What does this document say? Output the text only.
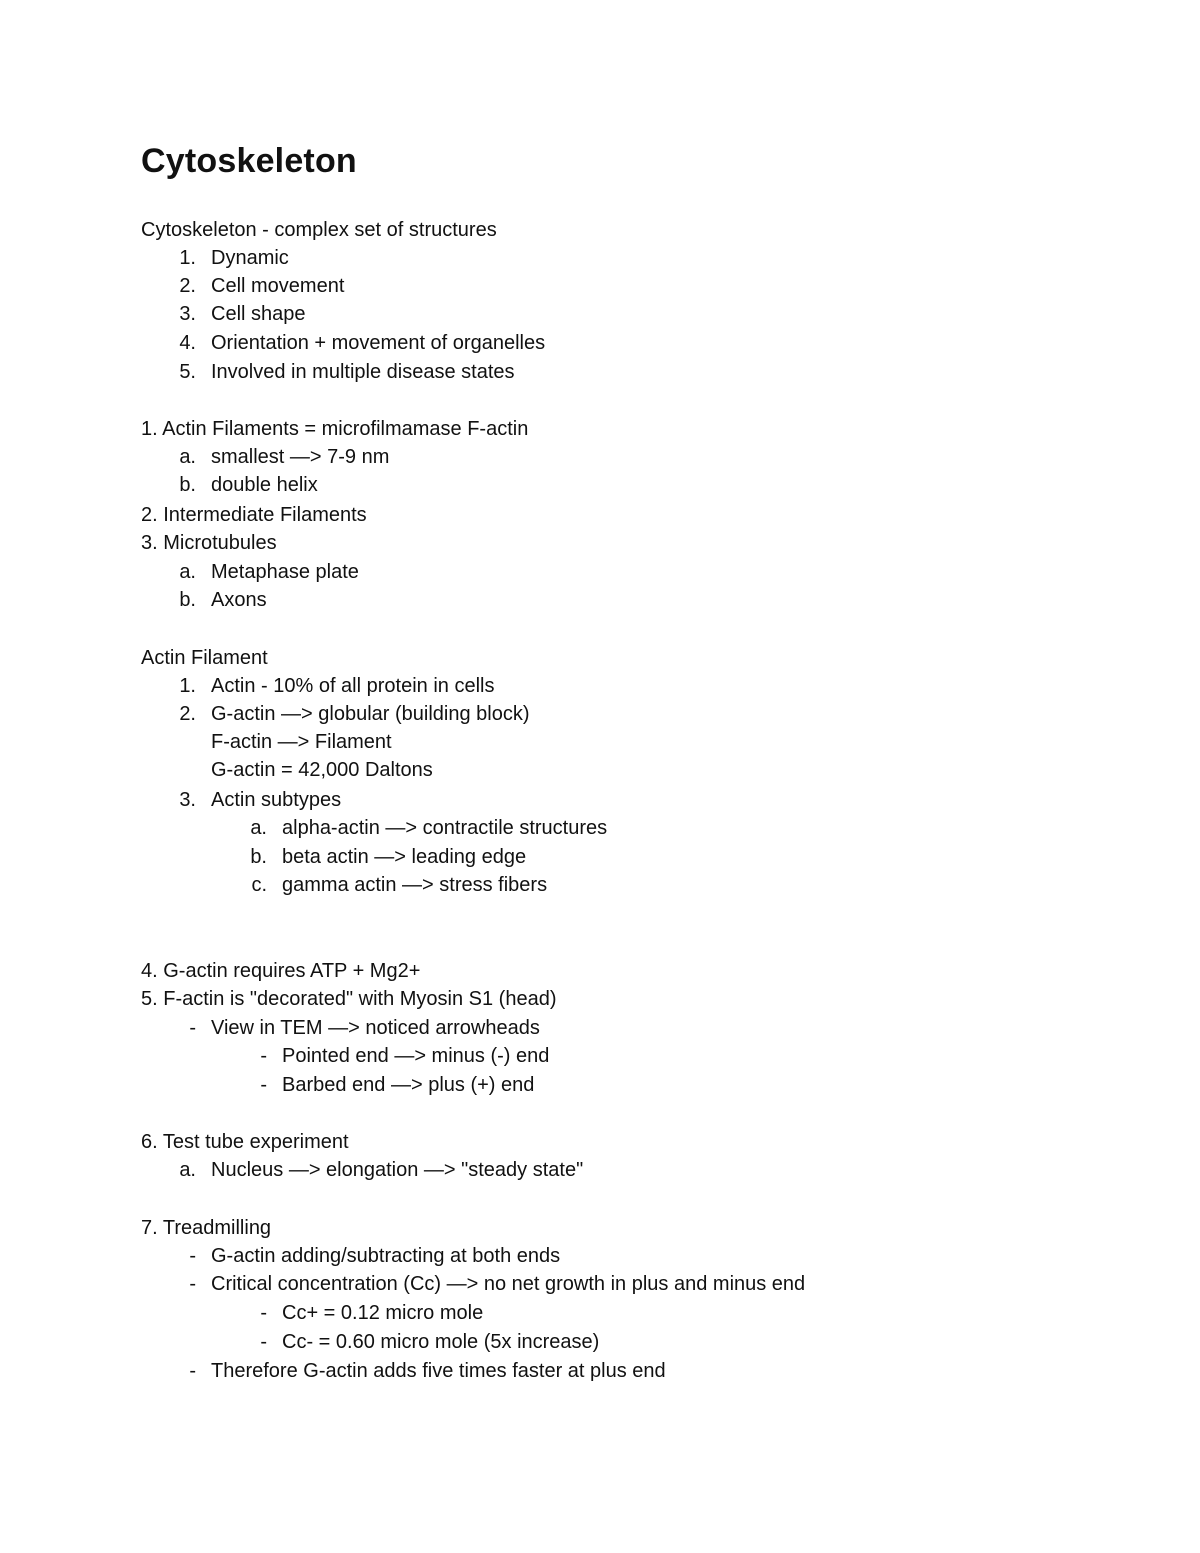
Cytoskeleton
Cytoskeleton - complex set of structures
1. Dynamic
2. Cell movement
3. Cell shape
4. Orientation + movement of organelles
5. Involved in multiple disease states
1. Actin Filaments = microfilmamase F-actin
a. smallest —> 7-9 nm
b. double helix
2. Intermediate Filaments
3. Microtubules
a. Metaphase plate
b. Axons
Actin Filament
1. Actin - 10% of all protein in cells
2. G-actin —> globular (building block)
F-actin —> Filament
G-actin = 42,000 Daltons
3. Actin subtypes
a. alpha-actin —> contractile structures
b. beta actin —> leading edge
c. gamma actin —> stress fibers
4. G-actin requires ATP + Mg2+
5. F-actin is "decorated" with Myosin S1 (head)
- View in TEM —> noticed arrowheads
- Pointed end —> minus (-) end
- Barbed end —> plus (+) end
6. Test tube experiment
a. Nucleus —> elongation —> "steady state"
7. Treadmilling
- G-actin adding/subtracting at both ends
- Critical concentration (Cc) —> no net growth in plus and minus end
- Cc+ = 0.12 micro mole
- Cc- = 0.60 micro mole (5x increase)
- Therefore G-actin adds five times faster at plus end
